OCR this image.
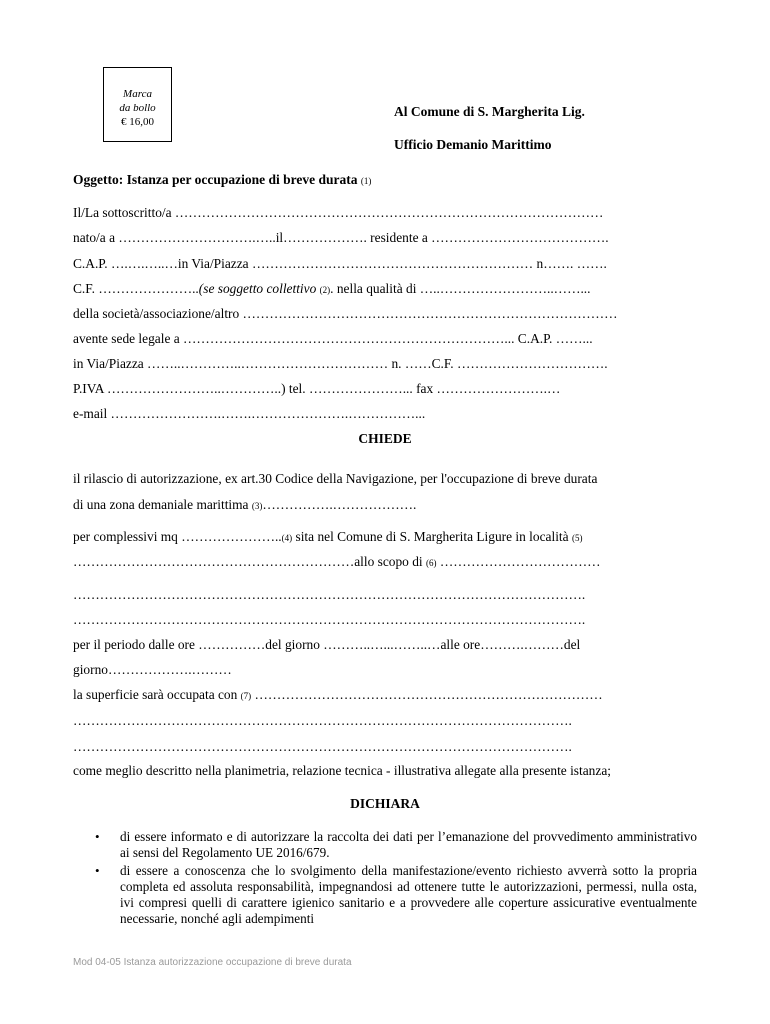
Marca
da bollo
€ 16,00
Al Comune di S. Margherita Lig.
Ufficio Demanio Marittimo
Oggetto: Istanza per occupazione di breve durata (1)
Il/La sottoscritto/a ……………………………………………………………………………………
nato/a a ………………………….…..il………………. residente a ………………………………….
C.A.P. ….….…..…in Via/Piazza ……………………………………………………… n……. …….
C.F. …………………..(se soggetto collettivo (2). nella qualità di …..……………………..……...
della società/associazione/altro …………………………………………………………………………
avente sede legale a ………………………………………………………………... C.A.P. ……...
in Via/Piazza ……..…………..…………………………… n. ……C.F. …………………………….
P.IVA ……………………..…………..) tel. …………………... fax …………………….…
e-mail …………………….…….………………….……………...
CHIEDE
il rilascio di autorizzazione, ex art.30 Codice della Navigazione, per l'occupazione di breve durata
di una zona demaniale marittima (3)…………….……………….
per complessivi mq …………………..(4) sita nel Comune di S. Margherita Ligure in località (5)
………………………………………………………allo scopo di (6) ………………………………
…………………………………………………………………………………………………….
…………………………………………………………………………………………………….
per il periodo dalle ore ……………del giorno ………..…...……..…alle ore……….………del
giorno……………….………
la superficie sarà occupata con (7) ……………………………………………………………………
………………………………………………………………………………………………….
………………………………………………………………………………………………….
come meglio descritto nella planimetria, relazione tecnica - illustrativa allegate alla presente istanza;
DICHIARA
• di essere informato e di autorizzare la raccolta dei dati per l’emanazione del provvedimento amministrativo ai sensi del Regolamento UE 2016/679.
• di essere a conoscenza che lo svolgimento della manifestazione/evento richiesto avverrà sotto la propria completa ed assoluta responsabilità, impegnandosi ad ottenere tutte le autorizzazioni, permessi, nulla osta, ivi compresi quelli di carattere igienico sanitario e a provvedere alle coperture assicurative eventualmente necessarie, nonché agli adempimenti
Mod 04-05 Istanza autorizzazione occupazione di breve durata
